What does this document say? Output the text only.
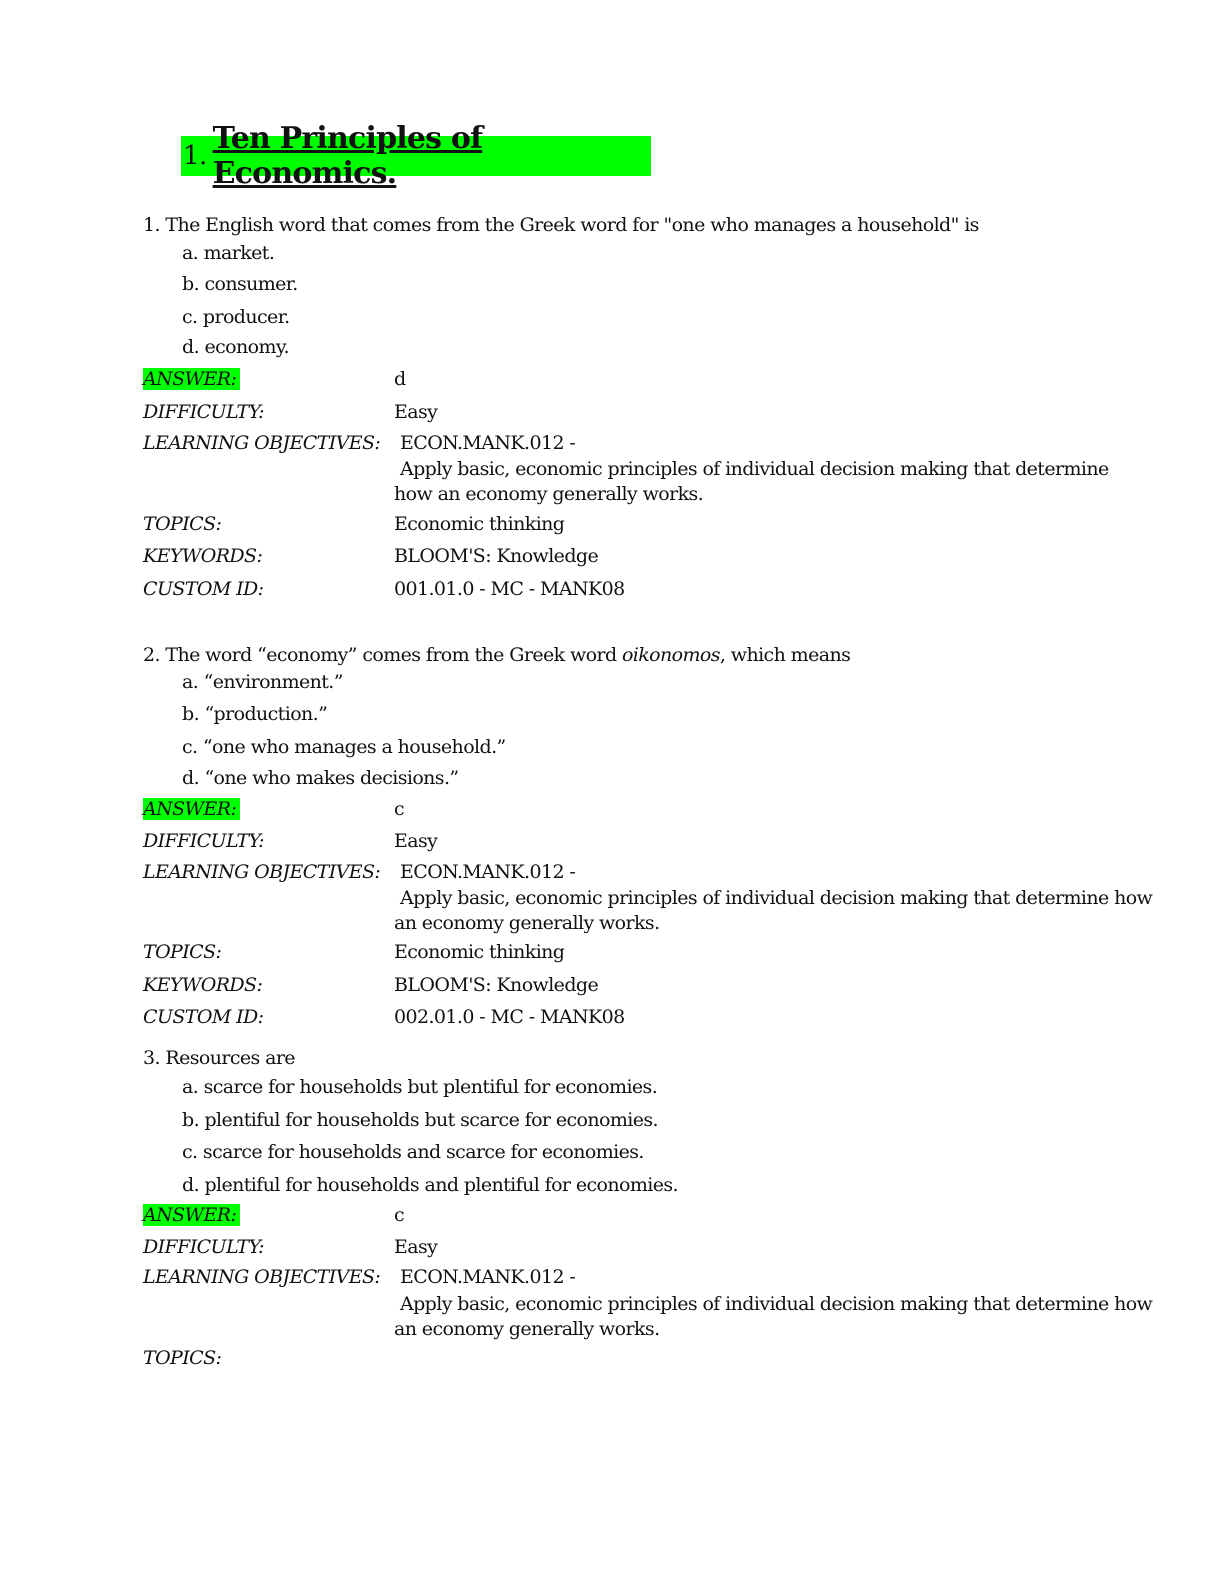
1. Ten Principles of Economics.
1. The English word that comes from the Greek word for "one who manages a household" is
a. market.
b. consumer.
c. producer.
d. economy.
ANSWER:	d
DIFFICULTY:	Easy
LEARNING OBJECTIVES: ECON.MANK.012 -
Apply basic, economic principles of individual decision making that determine
how an economy generally works.
TOPICS:	Economic thinking
KEYWORDS:	BLOOM'S: Knowledge
CUSTOM ID:	001.01.0 - MC - MANK08
2. The word “economy” comes from the Greek word oikonomos, which means
a. “environment.”
b. “production.”
c. “one who manages a household.”
d. “one who makes decisions.”
ANSWER:	c
DIFFICULTY:	Easy
LEARNING OBJECTIVES: ECON.MANK.012 -
Apply basic, economic principles of individual decision making that determine how
an economy generally works.
TOPICS:	Economic thinking
KEYWORDS:	BLOOM'S: Knowledge
CUSTOM ID:	002.01.0 - MC - MANK08
3. Resources are
a. scarce for households but plentiful for economies.
b. plentiful for households but scarce for economies.
c. scarce for households and scarce for economies.
d. plentiful for households and plentiful for economies.
ANSWER:	c
DIFFICULTY:	Easy
LEARNING OBJECTIVES: ECON.MANK.012 -
Apply basic, economic principles of individual decision making that determine how
an economy generally works.
TOPICS:
